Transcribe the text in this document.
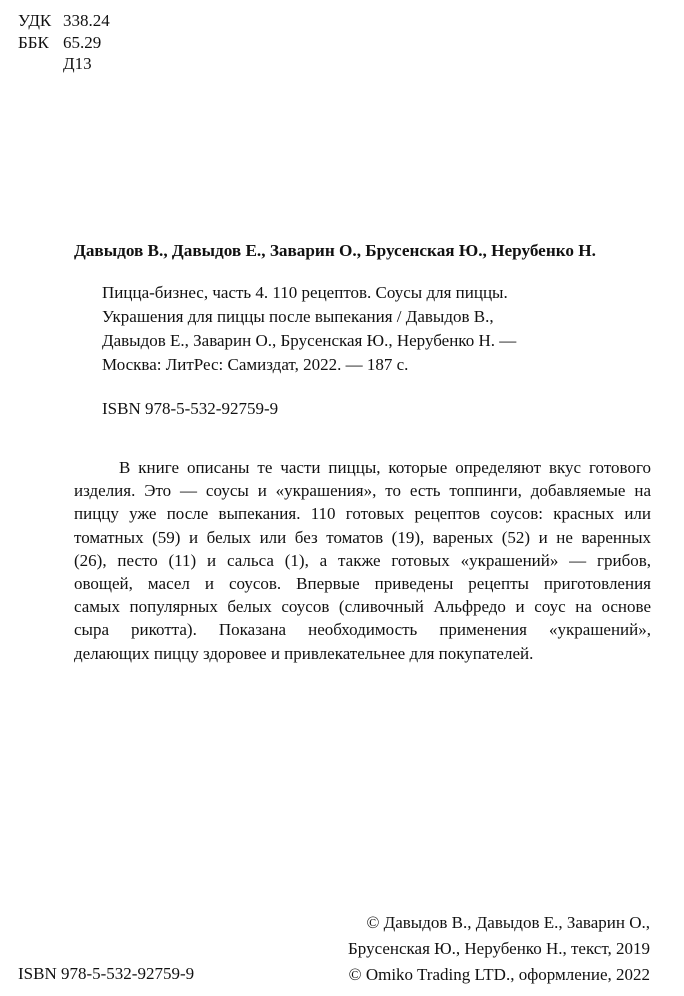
УДК 338.24
ББК 65.29
Д13
Давыдов В., Давыдов Е., Заварин О., Брусенская Ю., Нерубенко Н.
Пицца-бизнес, часть 4. 110 рецептов. Соусы для пиццы.
Украшения для пиццы после выпекания / Давыдов В.,
Давыдов Е., Заварин О., Брусенская Ю., Нерубенко Н. —
Москва: ЛитРес: Самиздат, 2022. — 187 с.
ISBN 978-5-532-92759-9
В книге описаны те части пиццы, которые определяют вкус готового
изделия. Это — соусы и «украшения», то есть топпинги, добавляемые на
пиццу уже после выпекания. 110 готовых рецептов соусов: красных или
томатных (59) и белых или без томатов (19), вареных (52) и не варенных
(26), песто (11) и сальса (1), а также готовых «украшений» — грибов,
овощей, масел и соусов. Впервые приведены рецепты приготовления
самых популярных белых соусов (сливочный Альфредо и соус на основе
сыра рикотта). Показана необходимость применения «украшений»,
делающих пиццу здоровее и привлекательнее для покупателей.
© Давыдов В., Давыдов Е., Заварин О.,
Брусенская Ю., Нерубенко Н., текст, 2019
© Omiko Trading LTD., оформление, 2022
ISBN 978-5-532-92759-9
